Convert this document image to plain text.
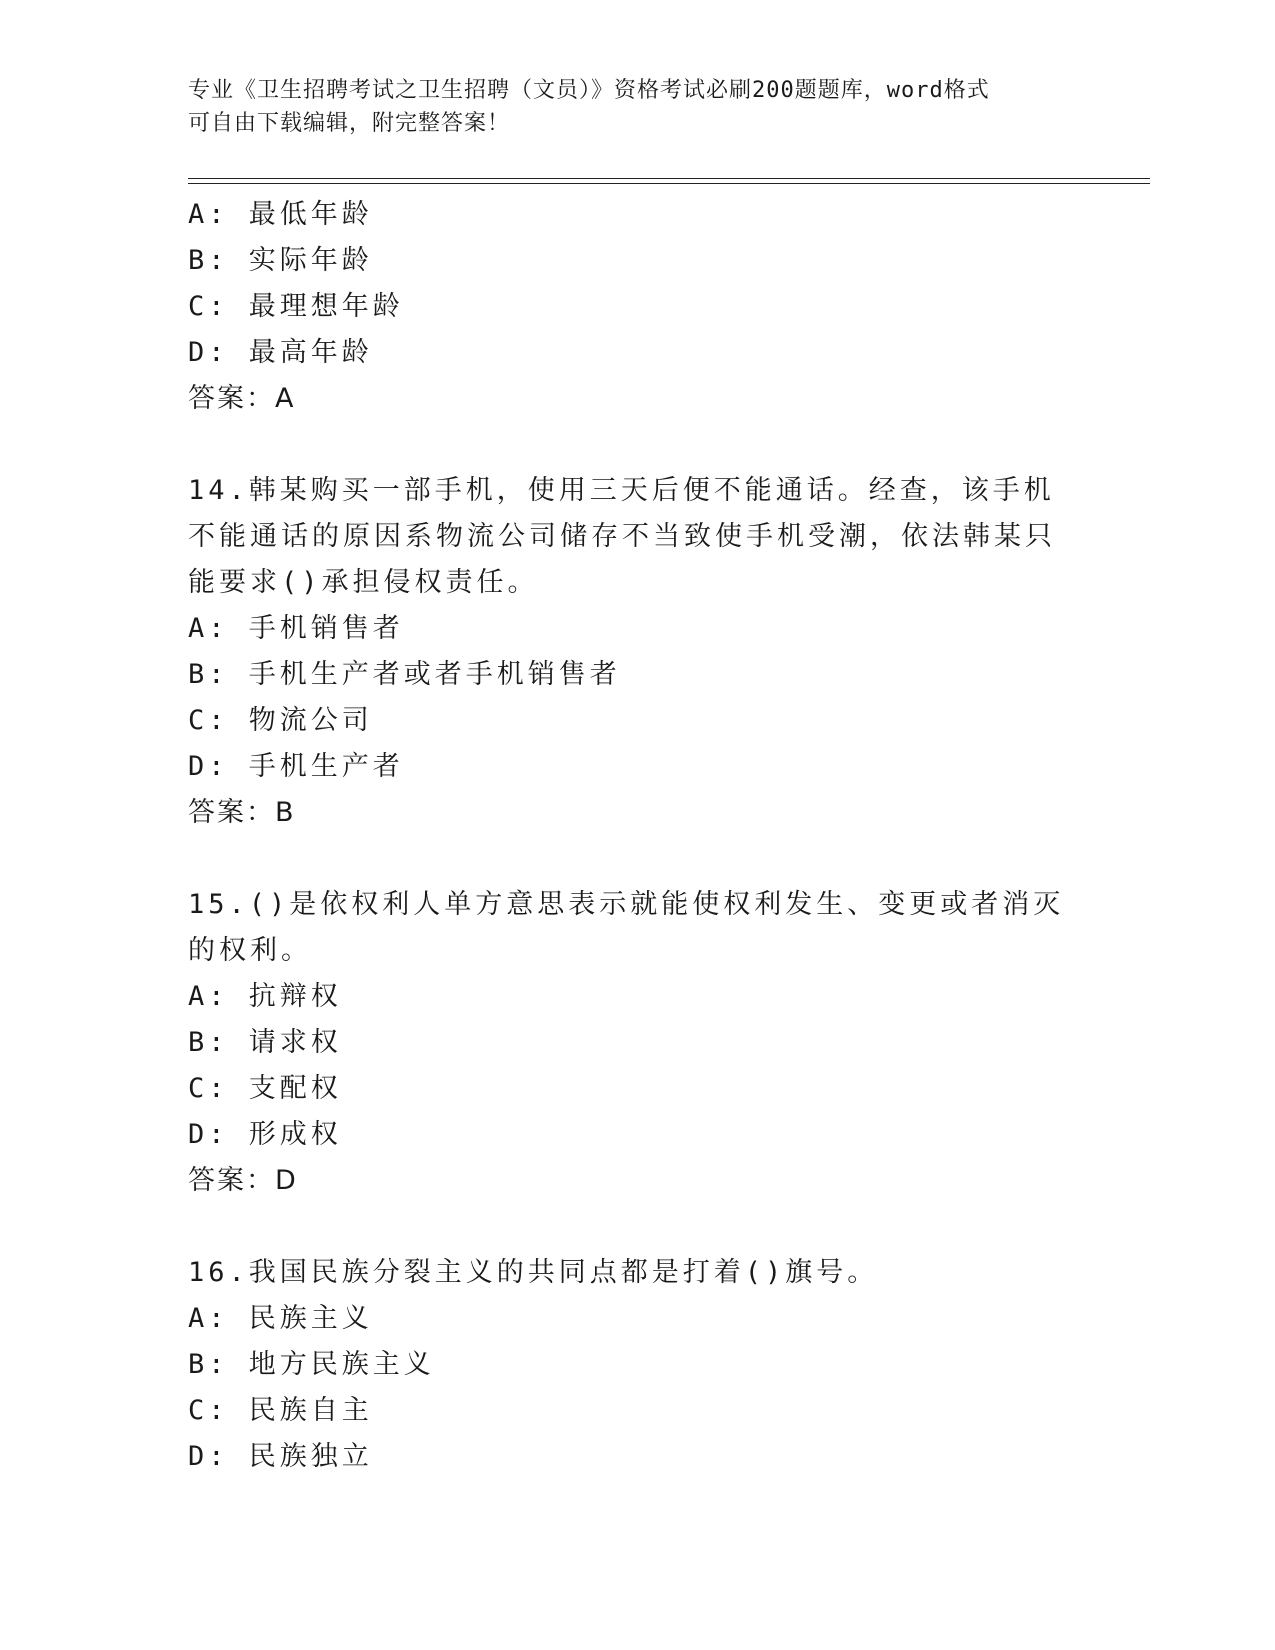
专业《卫生招聘考试之卫生招聘（文员）》资格考试必刷200题题库，word格式
可自由下载编辑，附完整答案！
A: 最低年龄
B: 实际年龄
C: 最理想年龄
D: 最高年龄
答案：A
14.韩某购买一部手机，使用三天后便不能通话。经查，该手机不能通话的原因系物流公司储存不当致使手机受潮，依法韩某只能要求()承担侵权责任。
A: 手机销售者
B: 手机生产者或者手机销售者
C: 物流公司
D: 手机生产者
答案：B
15.()是依权利人单方意思表示就能使权利发生、变更或者消灭的权利。
A: 抗辩权
B: 请求权
C: 支配权
D: 形成权
答案：D
16.我国民族分裂主义的共同点都是打着()旗号。
A: 民族主义
B: 地方民族主义
C: 民族自主
D: 民族独立
